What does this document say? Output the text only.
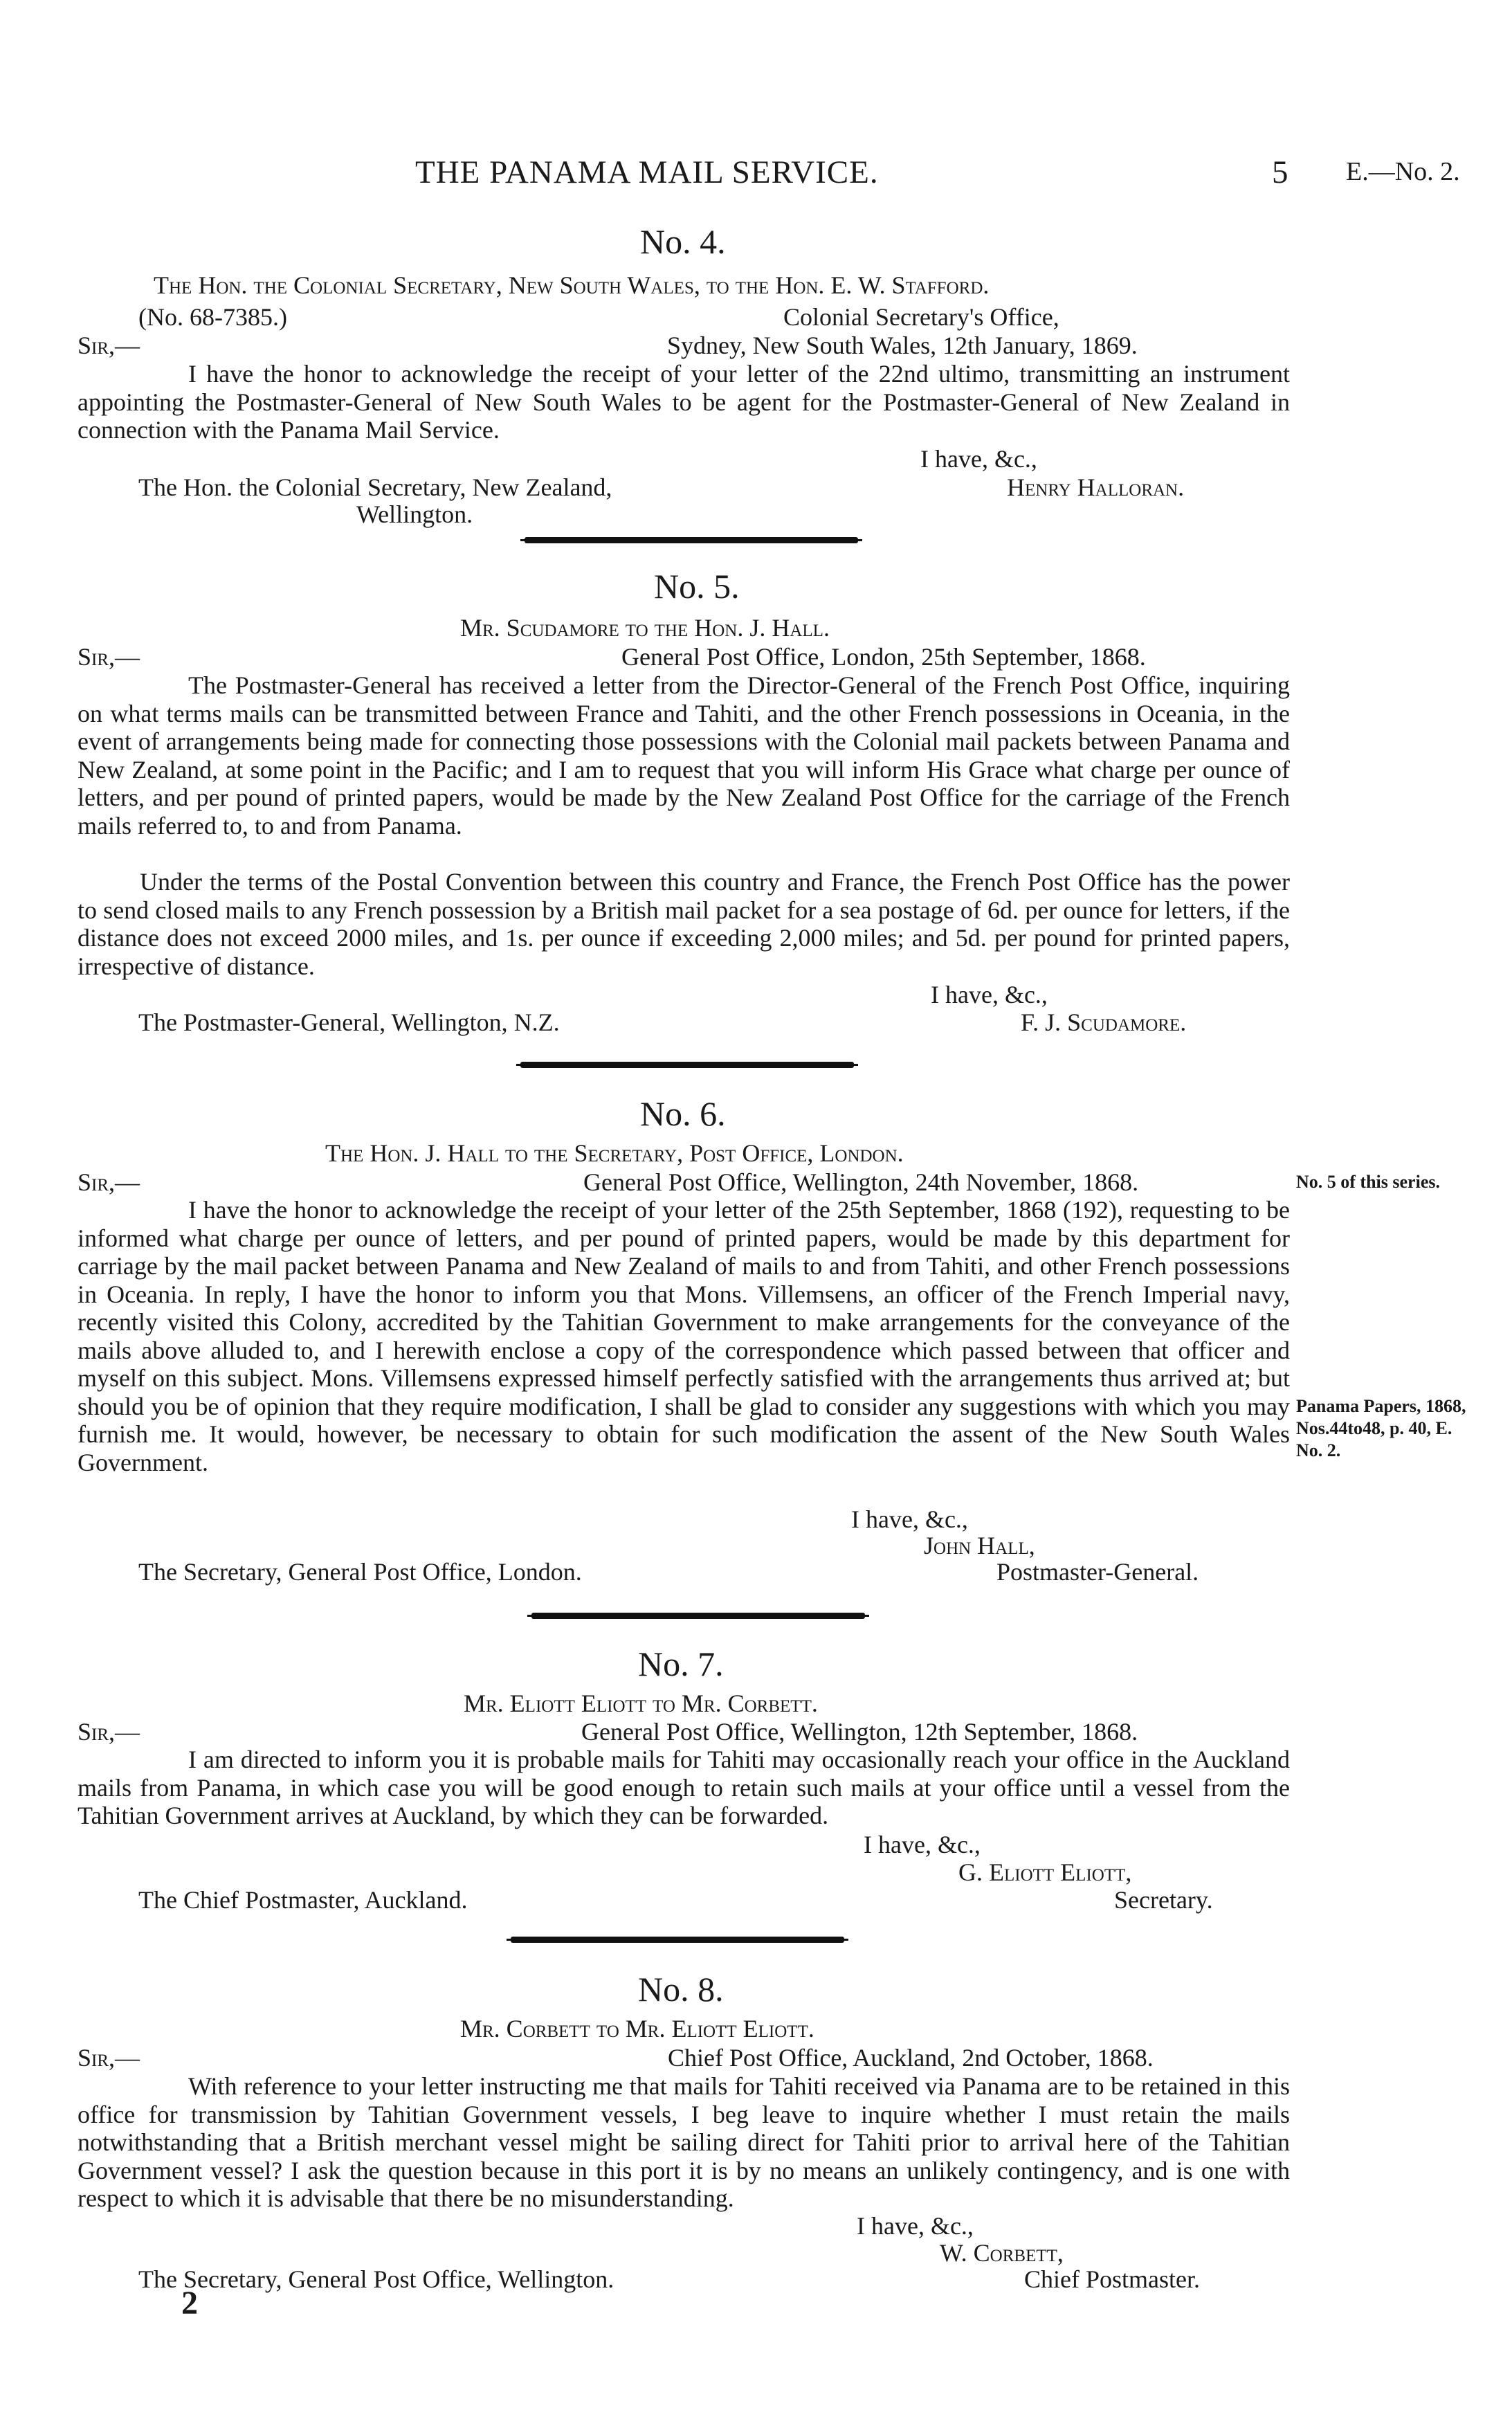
THE PANAMA MAIL SERVICE.	5 E.—No. 2.
No. 4.
The Hon. the Colonial Secretary, New South Wales, to the Hon. E. W. Stafford.
(No. 68-7385.)	Colonial Secretary's Office,
Sir,—	Sydney, New South Wales, 12th January, 1869.
I have the honor to acknowledge the receipt of your letter of the 22nd ultimo, transmitting an instrument appointing the Postmaster-General of New South Wales to be agent for the Postmaster-General of New Zealand in connection with the Panama Mail Service.
I have, &c.,
The Hon. the Colonial Secretary, New Zealand,	Henry Halloran.
Wellington.
No. 5.
Mr. Scudamore to the Hon. J. Hall.
Sir,—	General Post Office, London, 25th September, 1868.
The Postmaster-General has received a letter from the Director-General of the French Post Office, inquiring on what terms mails can be transmitted between France and Tahiti, and the other French possessions in Oceania, in the event of arrangements being made for connecting those possessions with the Colonial mail packets between Panama and New Zealand, at some point in the Pacific; and I am to request that you will inform His Grace what charge per ounce of letters, and per pound of printed papers, would be made by the New Zealand Post Office for the carriage of the French mails referred to, to and from Panama.
Under the terms of the Postal Convention between this country and France, the French Post Office has the power to send closed mails to any French possession by a British mail packet for a sea postage of 6d. per ounce for letters, if the distance does not exceed 2000 miles, and 1s. per ounce if exceeding 2,000 miles; and 5d. per pound for printed papers, irrespective of distance.
I have, &c.,
The Postmaster-General, Wellington, N.Z.	F. J. Scudamore.
No. 6.
The Hon. J. Hall to the Secretary, Post Office, London.
Sir,—	General Post Office, Wellington, 24th November, 1868.
I have the honor to acknowledge the receipt of your letter of the 25th September, 1868 (192), requesting to be informed what charge per ounce of letters, and per pound of printed papers, would be made by this department for carriage by the mail packet between Panama and New Zealand of mails to and from Tahiti, and other French possessions in Oceania. In reply, I have the honor to inform you that Mons. Villemsens, an officer of the French Imperial navy, recently visited this Colony, accredited by the Tahitian Government to make arrangements for the conveyance of the mails above alluded to, and I herewith enclose a copy of the correspondence which passed between that officer and myself on this subject. Mons. Villemsens expressed himself perfectly satisfied with the arrangements thus arrived at; but should you be of opinion that they require modification, I shall be glad to consider any suggestions with which you may furnish me. It would, however, be necessary to obtain for such modification the assent of the New South Wales Government.
I have, &c.,
John Hall,
The Secretary, General Post Office, London.	Postmaster-General.
No. 5 of this series.
Panama Papers, 1868, Nos.44to48, p. 40, E. No. 2.
No. 7.
Mr. Eliott Eliott to Mr. Corbett.
Sir,—	General Post Office, Wellington, 12th September, 1868.
I am directed to inform you it is probable mails for Tahiti may occasionally reach your office in the Auckland mails from Panama, in which case you will be good enough to retain such mails at your office until a vessel from the Tahitian Government arrives at Auckland, by which they can be forwarded.
I have, &c.,
G. Eliott Eliott,
The Chief Postmaster, Auckland.	Secretary.
No. 8.
Mr. Corbett to Mr. Eliott Eliott.
Sir,—	Chief Post Office, Auckland, 2nd October, 1868.
With reference to your letter instructing me that mails for Tahiti received via Panama are to be retained in this office for transmission by Tahitian Government vessels, I beg leave to inquire whether I must retain the mails notwithstanding that a British merchant vessel might be sailing direct for Tahiti prior to arrival here of the Tahitian Government vessel? I ask the question because in this port it is by no means an unlikely contingency, and is one with respect to which it is advisable that there be no misunderstanding.
I have, &c.,
W. Corbett,
The Secretary, General Post Office, Wellington.	Chief Postmaster.
2
